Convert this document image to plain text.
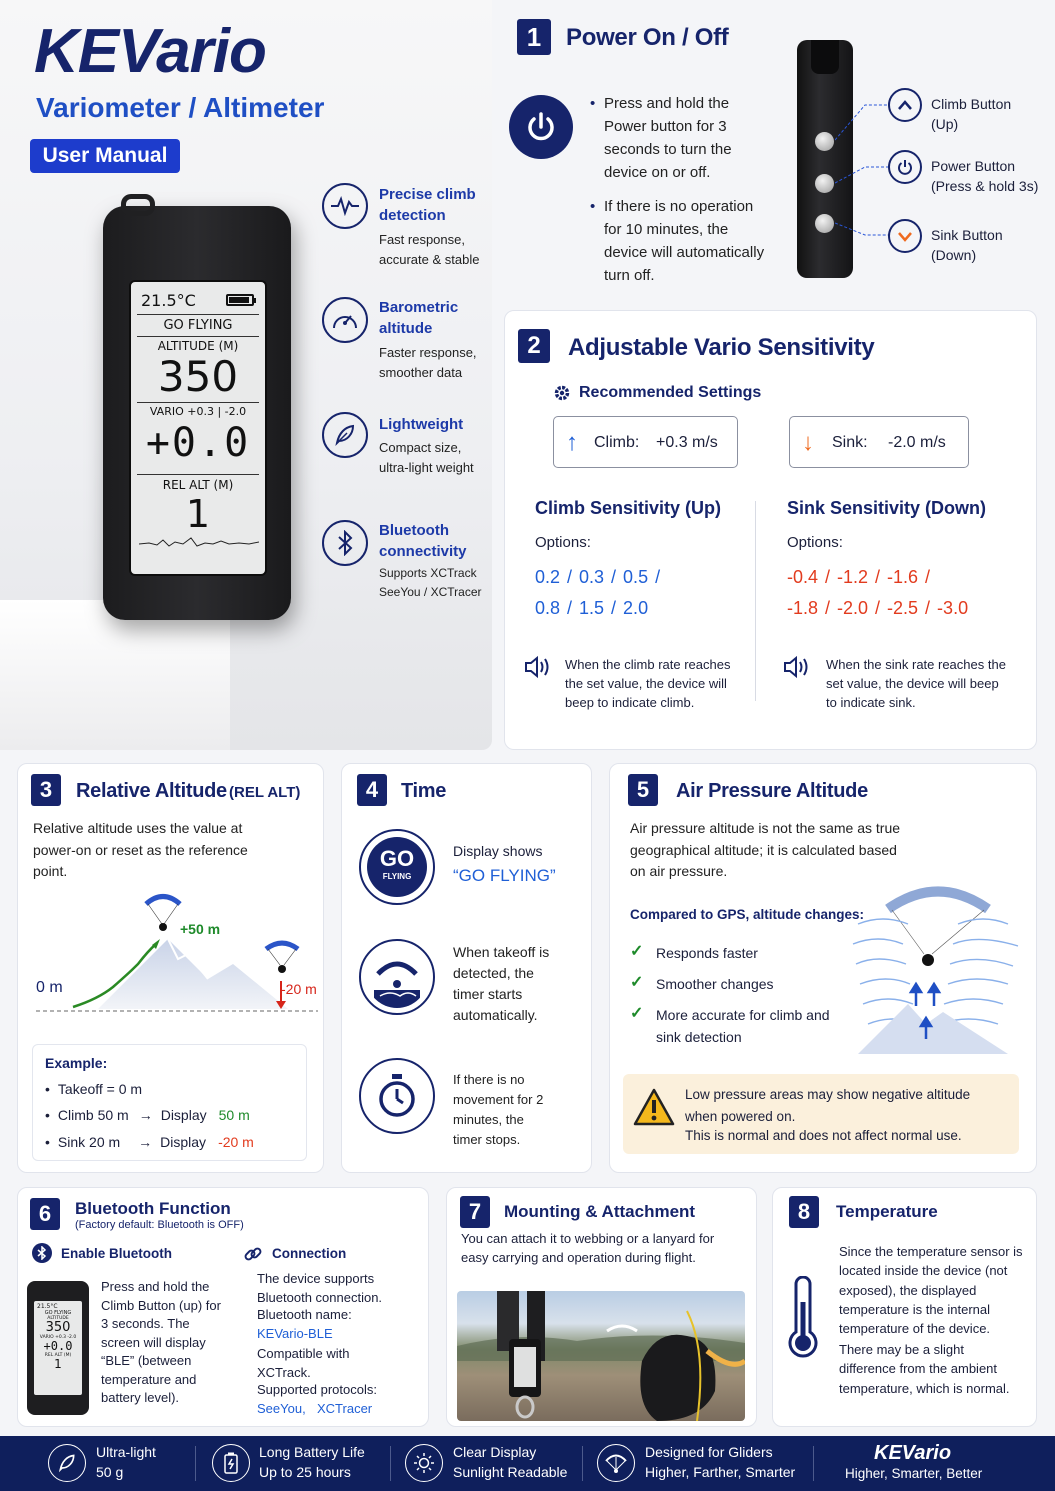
KEVario
Variometer / Altimeter
User Manual
21.5°C
GO FLYING
ALTITUDE (M)
350
VARIO +0.3 | -2.0
+0.0
REL ALT (M)
1
Precise climb detection
Fast response, accurate & stable
Barometric altitude
Faster response, smoother data
Lightweight
Compact size, ultra-light weight
Bluetooth connectivity
Supports XCTrack SeeYou / XCTracer
1	Power On / Off
• Press and hold the Power button for 3 seconds to turn the device on or off.
• If there is no operation for 10 minutes, the device will automatically turn off.
Climb Button
(Up)
Power Button
(Press & hold 3s)
Sink Button
(Down)
2	Adjustable Vario Sensitivity
Recommended Settings
↑ Climb: +0.3 m/s	↓ Sink: -2.0 m/s
Climb Sensitivity (Up)
Options:
0.2 / 0.3 / 0.5 /
0.8 / 1.5 / 2.0
When the climb rate reaches the set value, the device will beep to indicate climb.
Sink Sensitivity (Down)
Options:
-0.4 / -1.2 / -1.6 /
-1.8 / -2.0 / -2.5 / -3.0
When the sink rate reaches the set value, the device will beep to indicate sink.
3	Relative Altitude (REL ALT)
Relative altitude uses the value at power-on or reset as the reference point.
0 m
+50 m
-20 m
Example:
• Takeoff = 0 m
• Climb 50 m → Display 50 m
• Sink 20 m → Display -20 m
4	Time
GO
FLYING
Display shows
“GO FLYING”
When takeoff is detected, the timer starts automatically.
If there is no movement for 2 minutes, the timer stops.
5	Air Pressure Altitude
Air pressure altitude is not the same as true geographical altitude; it is calculated based on air pressure.
Compared to GPS, altitude changes:
✓ Responds faster
✓ Smoother changes
✓ More accurate for climb and sink detection
Low pressure areas may show negative altitude when powered on.
This is normal and does not affect normal use.
6	Bluetooth Function
(Factory default: Bluetooth is OFF)
Enable Bluetooth
21.5°C
GO FLYING
ALTITUDE
350
VARIO +0.3 -2.0
+0.0
REL ALT (M)
1
Press and hold the Climb Button (up) for 3 seconds. The screen will display “BLE” (between temperature and battery level).
Connection
The device supports Bluetooth connection.
Bluetooth name:
KEVario-BLE
Compatible with XCTrack.
Supported protocols:
SeeYou, XCTracer
7	Mounting & Attachment
You can attach it to webbing or a lanyard for easy carrying and operation during flight.
8	Temperature
Since the temperature sensor is located inside the device (not exposed), the displayed temperature is the internal temperature of the device.
There may be a slight difference from the ambient temperature, which is normal.
Ultra-light
50 g
Long Battery Life
Up to 25 hours
Clear Display
Sunlight Readable
Designed for Gliders
Higher, Farther, Smarter
KEVario
Higher, Smarter, Better
